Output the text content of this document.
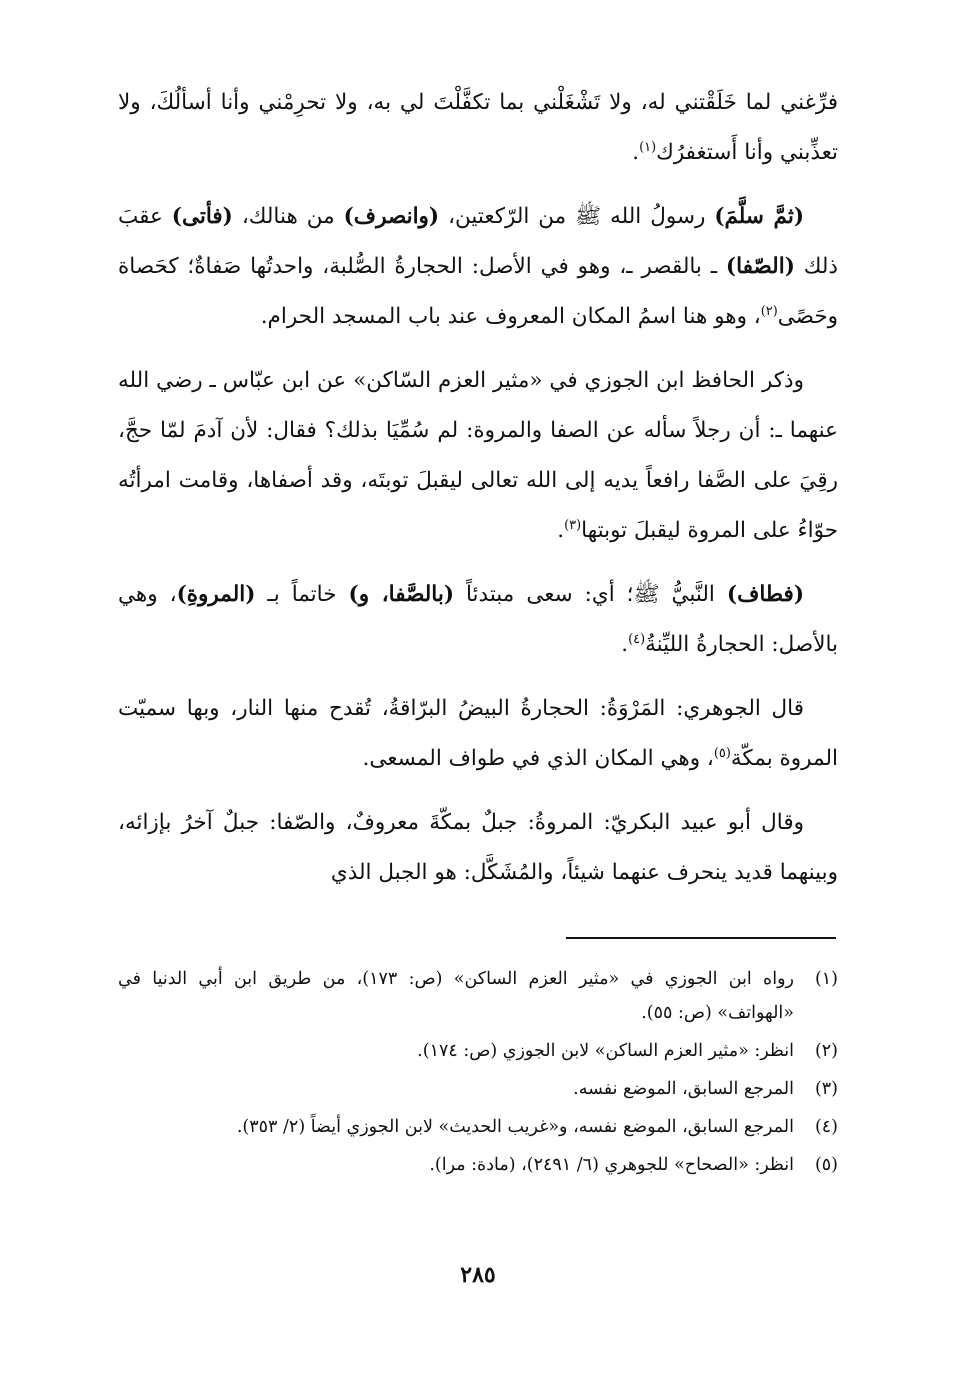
فرِّغني لما خَلَقْتني له، ولا تَشْغَلْني بما تكفَّلْتَ لي به، ولا تحرِمْني وأنا أسألُكَ، ولا تعذِّبني وأنا أَستغفرُك$^{(١)}$.

(ثمَّ سلَّمَ) رسولُ الله ﷺ من الرّكعتين، (وانصرف) من هنالك، (فأتى) عقبَ ذلك (الصّفا) ـ بالقصر ـ، وهو في الأصل: الحجارةُ الصُّلبة، واحدتُها صَفاةٌ؛ كحَصاة وحَصًى$^{(٢)}$، وهو هنا اسمُ المكان المعروف عند باب المسجد الحرام.

وذكر الحافظ ابن الجوزي في «مثير العزم السّاكن» عن ابن عبّاس ـ رضي الله عنهما ـ: أن رجلاً سأله عن الصفا والمروة: لم سُمِّيَا بذلك؟ فقال: لأن آدمَ لمّا حجَّ، رقِيَ على الصَّفا رافعاً يديه إلى الله تعالى ليقبلَ توبتَه، وقد أصفاها، وقامت امرأتُه حوّاءُ على المروة ليقبلَ توبتها$^{(٣)}$.

(فطاف) النَّبيُّ ﷺ؛ أي: سعى مبتدئاً (بالصَّفا، و) خاتماً بـ (المروةِ)، وهي بالأصل: الحجارةُ الليِّنةُ$^{(٤)}$.

قال الجوهري: المَرْوَةُ: الحجارةُ البيضُ البرّاقةُ، تُقدح منها النار، وبها سميّت المروة بمكّة$^{(٥)}$، وهي المكان الذي في طواف المسعى.

وقال أبو عبيد البكريّ: المروةُ: جبلٌ بمكّةَ معروفٌ، والصّفا: جبلٌ آخرُ بإزائه، وبينهما قديد ينحرف عنهما شيئاً، والمُشَكَّل: هو الجبل الذي

(١)
رواه ابن الجوزي في «مثير العزم الساكن» (ص: ١٧٣)، من طريق ابن أبي الدنيا في «الهواتف» (ص: ٥٥).
(٢)
انظر: «مثير العزم الساكن» لابن الجوزي (ص: ١٧٤).
(٣)
المرجع السابق، الموضع نفسه.
(٤)
المرجع السابق، الموضع نفسه، و«غريب الحديث» لابن الجوزي أيضاً (٢/ ٣٥٣).
(٥)
انظر: «الصحاح» للجوهري (٦/ ٢٤٩١)، (مادة: مرا).
٢٨٥
